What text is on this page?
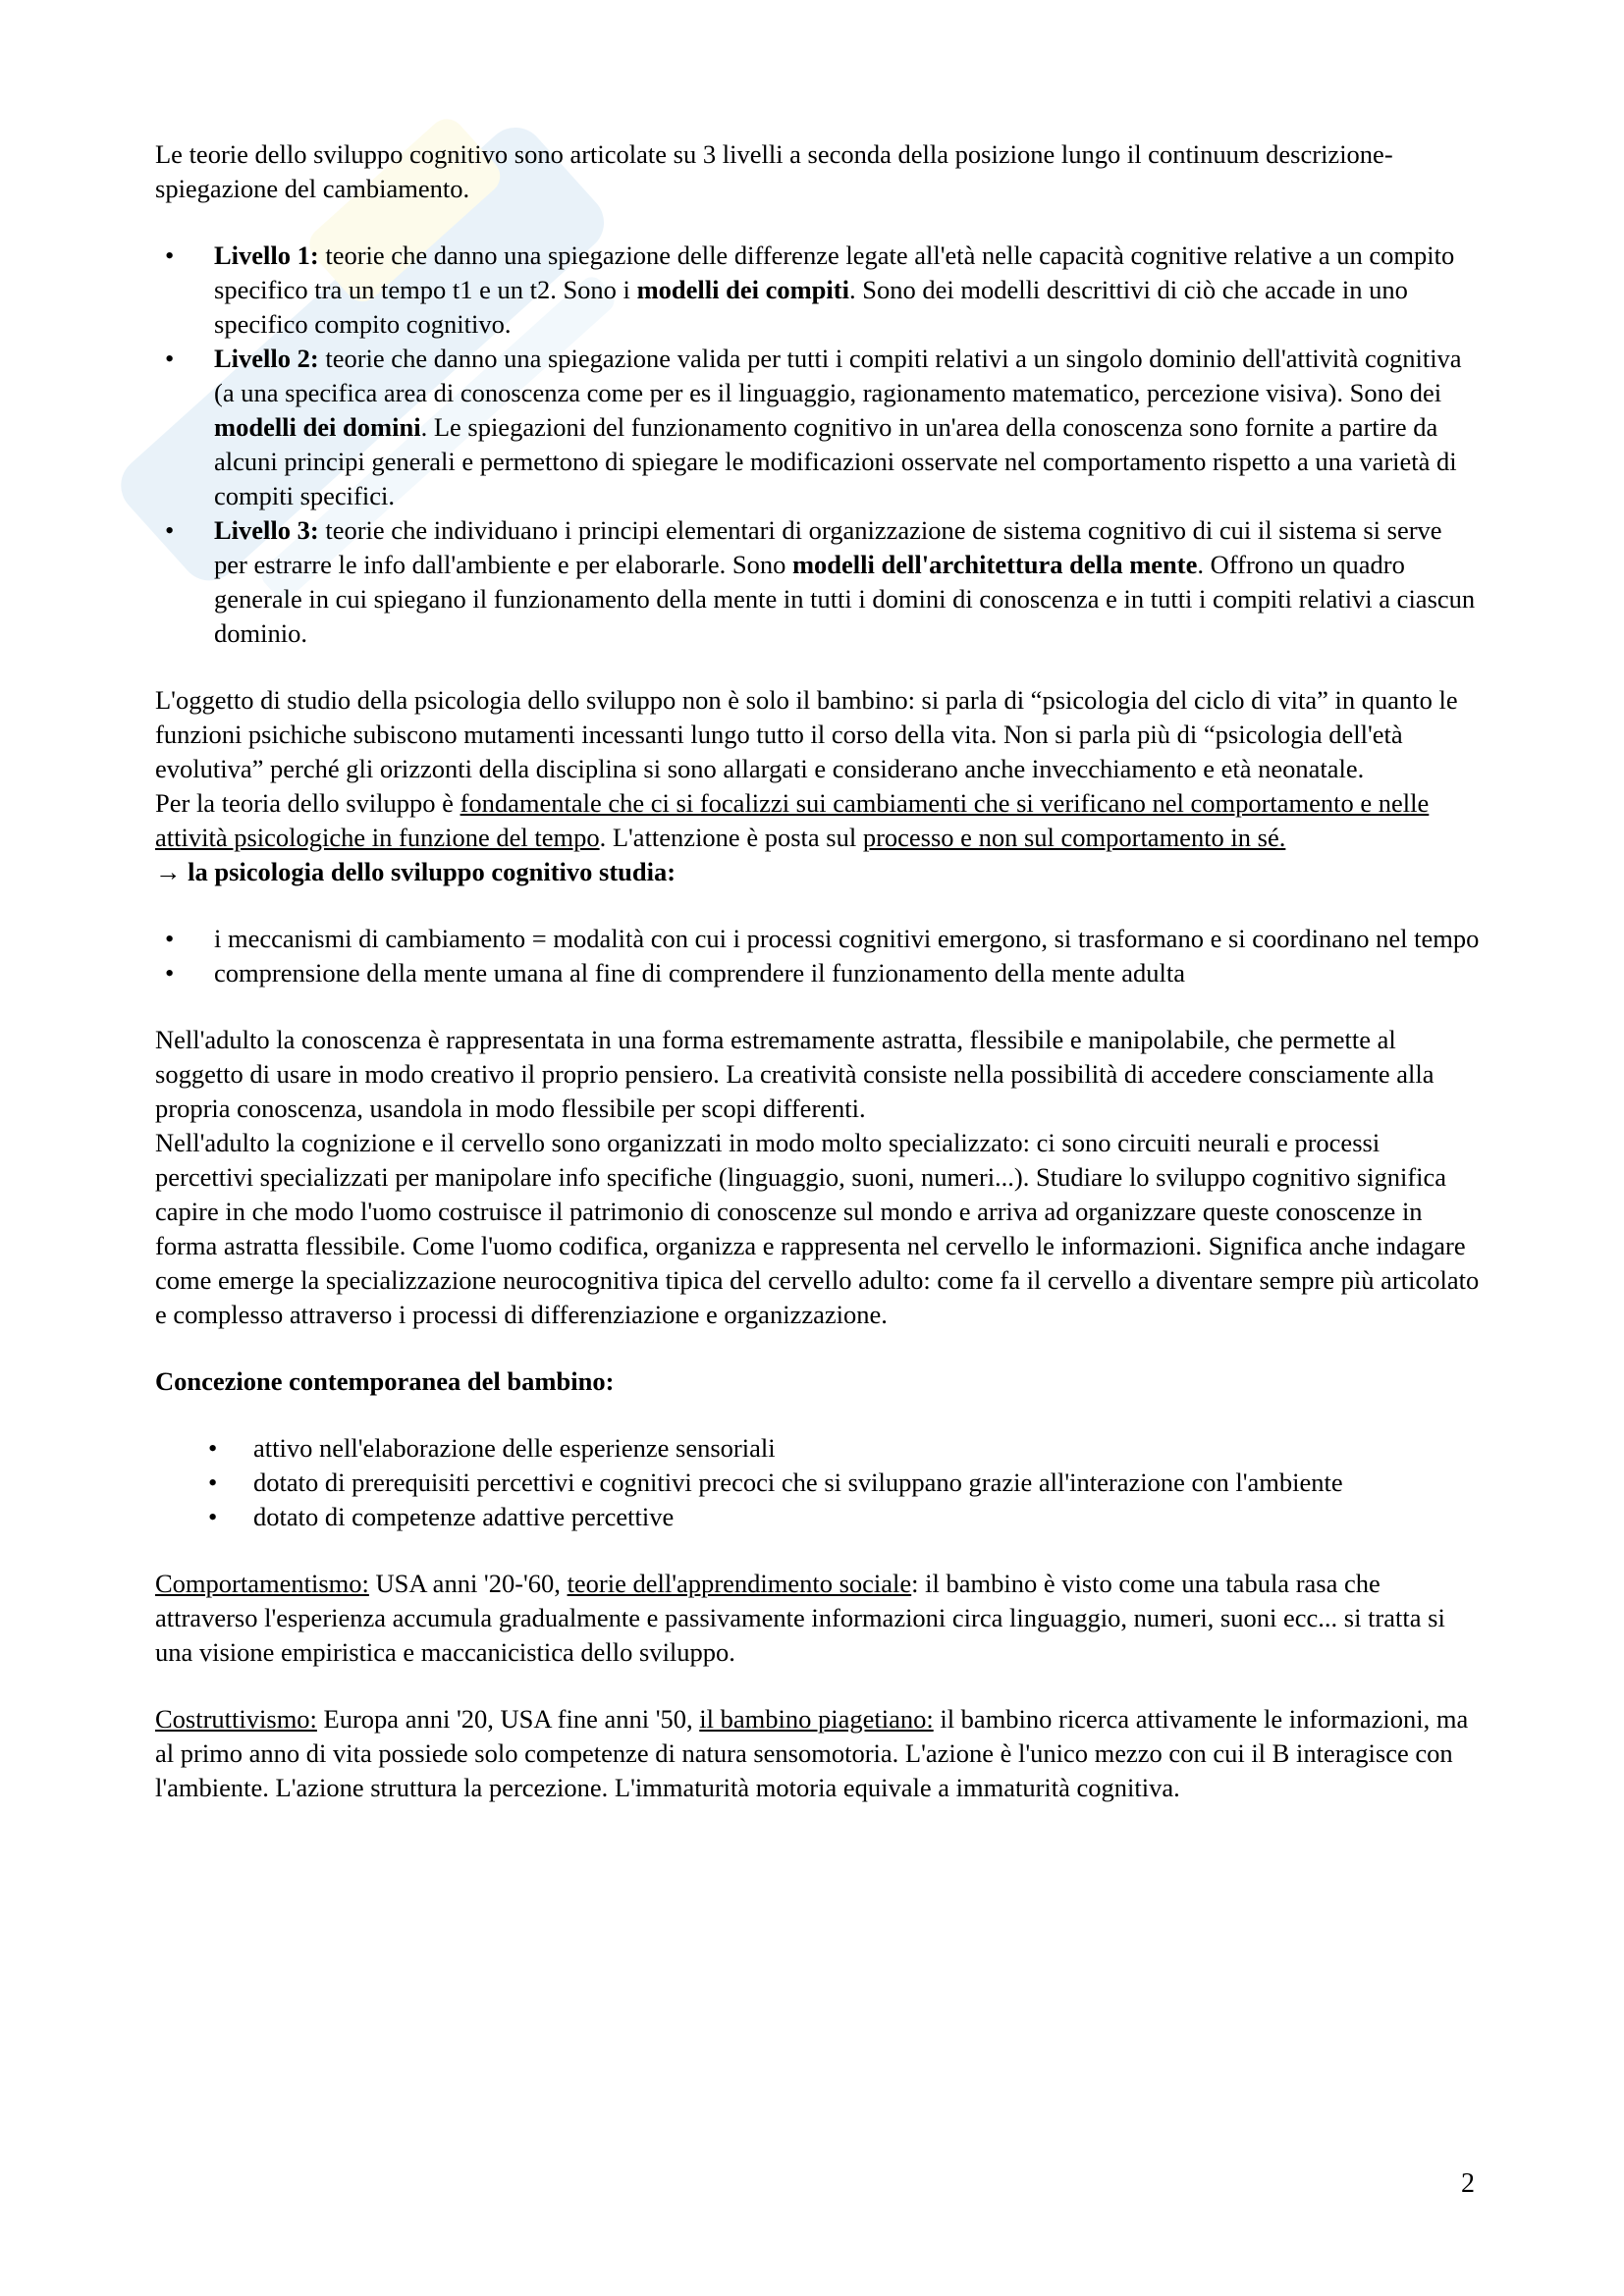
Le teorie dello sviluppo cognitivo sono articolate su 3 livelli a seconda della posizione lungo il continuum descrizione-spiegazione del cambiamento.

• Livello 1: teorie che danno una spiegazione delle differenze legate all'età nelle capacità cognitive relative a un compito specifico tra un tempo t1 e un t2. Sono i modelli dei compiti. Sono dei modelli descrittivi di ciò che accade in uno specifico compito cognitivo.
• Livello 2: teorie che danno una spiegazione valida per tutti i compiti relativi a un singolo dominio dell'attività cognitiva (a una specifica area di conoscenza come per es il linguaggio, ragionamento matematico, percezione visiva). Sono dei modelli dei domini. Le spiegazioni del funzionamento cognitivo in un'area della conoscenza sono fornite a partire da alcuni principi generali e permettono di spiegare le modificazioni osservate nel comportamento rispetto a una varietà di compiti specifici.
• Livello 3: teorie che individuano i principi elementari di organizzazione de sistema cognitivo di cui il sistema si serve per estrarre le info dall'ambiente e per elaborarle. Sono modelli dell'architettura della mente. Offrono un quadro generale in cui spiegano il funzionamento della mente in tutti i domini di conoscenza e in tutti i compiti relativi a ciascun dominio.

L'oggetto di studio della psicologia dello sviluppo non è solo il bambino: si parla di “psicologia del ciclo di vita” in quanto le funzioni psichiche subiscono mutamenti incessanti lungo tutto il corso della vita. Non si parla più di “psicologia dell'età evolutiva” perché gli orizzonti della disciplina si sono allargati e considerano anche invecchiamento e età neonatale.

Per la teoria dello sviluppo è fondamentale che ci si focalizzi sui cambiamenti che si verificano nel comportamento e nelle attività psicologiche in funzione del tempo. L'attenzione è posta sul processo e non sul comportamento in sé.

→ la psicologia dello sviluppo cognitivo studia:

• i meccanismi di cambiamento = modalità con cui i processi cognitivi emergono, si trasformano e si coordinano nel tempo
• comprensione della mente umana al fine di comprendere il funzionamento della mente adulta

Nell'adulto la conoscenza è rappresentata in una forma estremamente astratta, flessibile e manipolabile, che permette al soggetto di usare in modo creativo il proprio pensiero. La creatività consiste nella possibilità di accedere consciamente alla propria conoscenza, usandola in modo flessibile per scopi differenti.

Nell'adulto la cognizione e il cervello sono organizzati in modo molto specializzato: ci sono circuiti neurali e processi percettivi specializzati per manipolare info specifiche (linguaggio, suoni, numeri...). Studiare lo sviluppo cognitivo significa capire in che modo l'uomo costruisce il patrimonio di conoscenze sul mondo e arriva ad organizzare queste conoscenze in forma astratta flessibile. Come l'uomo codifica, organizza e rappresenta nel cervello le informazioni. Significa anche indagare come emerge la specializzazione neurocognitiva tipica del cervello adulto: come fa il cervello a diventare sempre più articolato e complesso attraverso i processi di differenziazione e organizzazione.

Concezione contemporanea del bambino:

• attivo nell'elaborazione delle esperienze sensoriali
• dotato di prerequisiti percettivi e cognitivi precoci che si sviluppano grazie all'interazione con l'ambiente
• dotato di competenze adattive percettive

Comportamentismo: USA anni '20-'60, teorie dell'apprendimento sociale: il bambino è visto come una tabula rasa che attraverso l'esperienza accumula gradualmente e passivamente informazioni circa linguaggio, numeri, suoni ecc... si tratta si una visione empiristica e maccanicistica dello sviluppo.

Costruttivismo: Europa anni '20, USA fine anni '50, il bambino piagetiano: il bambino ricerca attivamente le informazioni, ma al primo anno di vita possiede solo competenze di natura sensomotoria. L'azione è l'unico mezzo con cui il B interagisce con l'ambiente. L'azione struttura la percezione. L'immaturità motoria equivale a immaturità cognitiva.

2
